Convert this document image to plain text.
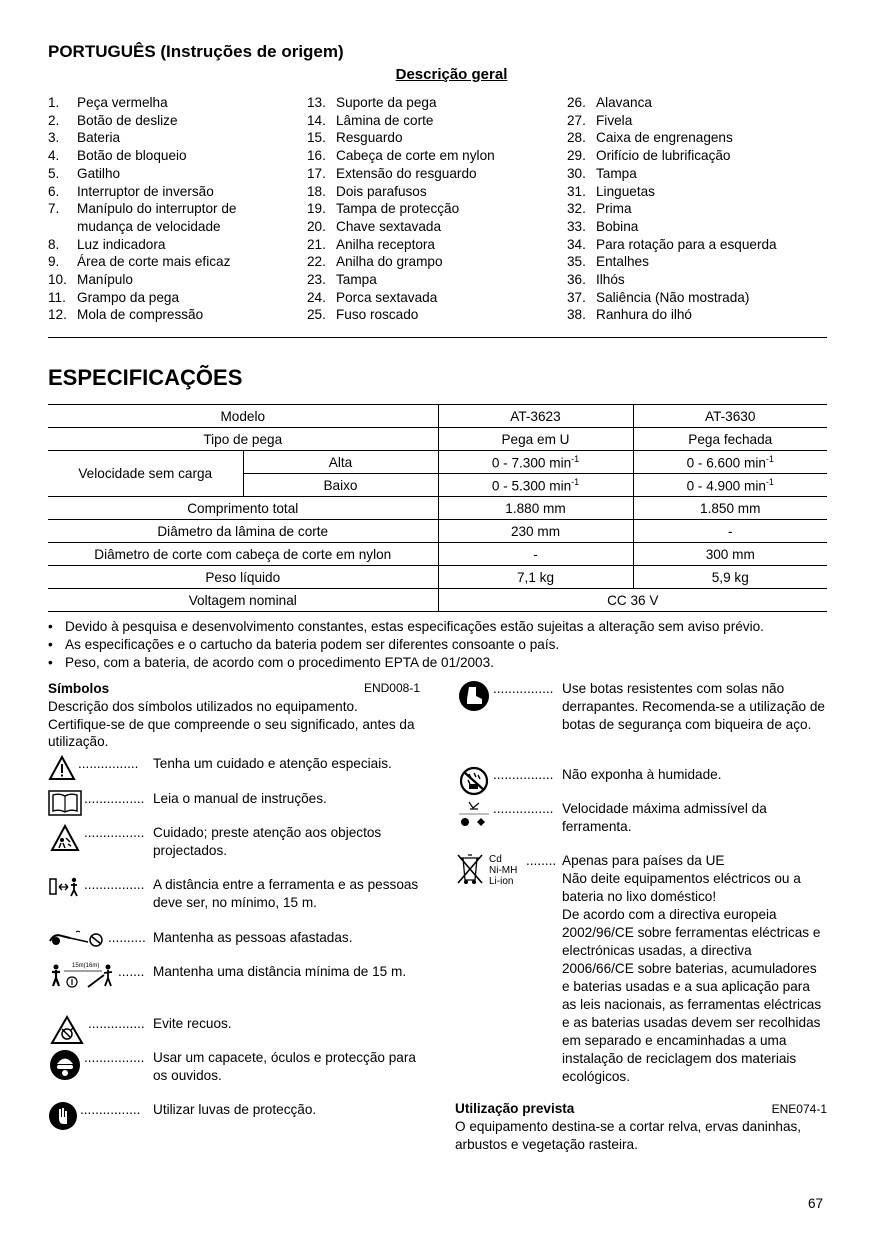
PORTUGUÊS (Instruções de origem)
Descrição geral
1.	Peça vermelha
2.	Botão de deslize
3.	Bateria
4.	Botão de bloqueio
5.	Gatilho
6.	Interruptor de inversão
7.	Manípulo do interruptor de mudança de velocidade
8.	Luz indicadora
9.	Área de corte mais eficaz
10. Manípulo
11. Grampo da pega
12. Mola de compressão
13. Suporte da pega
14. Lâmina de corte
15. Resguardo
16. Cabeça de corte em nylon
17. Extensão do resguardo
18. Dois parafusos
19. Tampa de protecção
20. Chave sextavada
21. Anilha receptora
22. Anilha do grampo
23. Tampa
24. Porca sextavada
25. Fuso roscado
26. Alavanca
27. Fivela
28. Caixa de engrenagens
29. Orifício de lubrificação
30. Tampa
31. Linguetas
32. Prima
33. Bobina
34. Para rotação para a esquerda
35. Entalhes
36. Ilhós
37. Saliência (Não mostrada)
38. Ranhura do ilhó
ESPECIFICAÇÕES
Modelo		AT-3623	AT-3630
Tipo de pega		Pega em U	Pega fechada
Velocidade sem carga	Alta	0 - 7.300 $\min^{-1}$	0 - 6.600 $\min^{-1}$
	Baixo	0 - 5.300 $\min^{-1}$	0 - 4.900 $\min^{-1}$
Comprimento total		1.880 mm	1.850 mm
Diâmetro da lâmina de corte		230 mm	-
Diâmetro de corte com cabeça de corte em nylon		-	300 mm
Peso líquido		7,1 kg	5,9 kg
Voltagem nominal		CC 36 V	
• Devido à pesquisa e desenvolvimento constantes, estas especificações estão sujeitas a alteração sem aviso prévio.
• As especificações e o cartucho da bateria podem ser diferentes consoante o país.
• Peso, com a bateria, de acordo com o procedimento EPTA de 01/2003.
Símbolos	END008-1
Descrição dos símbolos utilizados no equipamento. Certifique-se de que compreende o seu significado, antes da utilização.
................	Tenha um cuidado e atenção especiais.
................ Leia o manual de instruções.
................ Cuidado; preste atenção aos objectos projectados.
................ A distância entre a ferramenta e as pessoas deve ser, no mínimo, 15 m.
.......... Mantenha as pessoas afastadas.
15m(16m) ....... Mantenha uma distância mínima de 15 m.
............... Evite recuos.
................ Usar um capacete, óculos e protecção para os ouvidos.
................ Utilizar luvas de protecção.
................ Use botas resistentes com solas não derrapantes. Recomenda-se a utilização de botas de segurança com biqueira de aço.
................ Não exponha à humidade.
................ Velocidade máxima admissível da ferramenta.
Cd
Ni-MH
Li-ion
........ Apenas para países da UE
Não deite equipamentos eléctricos ou a bateria no lixo doméstico!
De acordo com a directiva europeia 2002/96/CE sobre ferramentas eléctricas e electrónicas usadas, a directiva 2006/66/CE sobre baterias, acumuladores e baterias usadas e a sua aplicação para as leis nacionais, as ferramentas eléctricas e as baterias usadas devem ser recolhidas em separado e encaminhadas a uma instalação de reciclagem dos materiais ecológicos.
Utilização prevista	ENE074-1
O equipamento destina-se a cortar relva, ervas daninhas, arbustos e vegetação rasteira.
67
